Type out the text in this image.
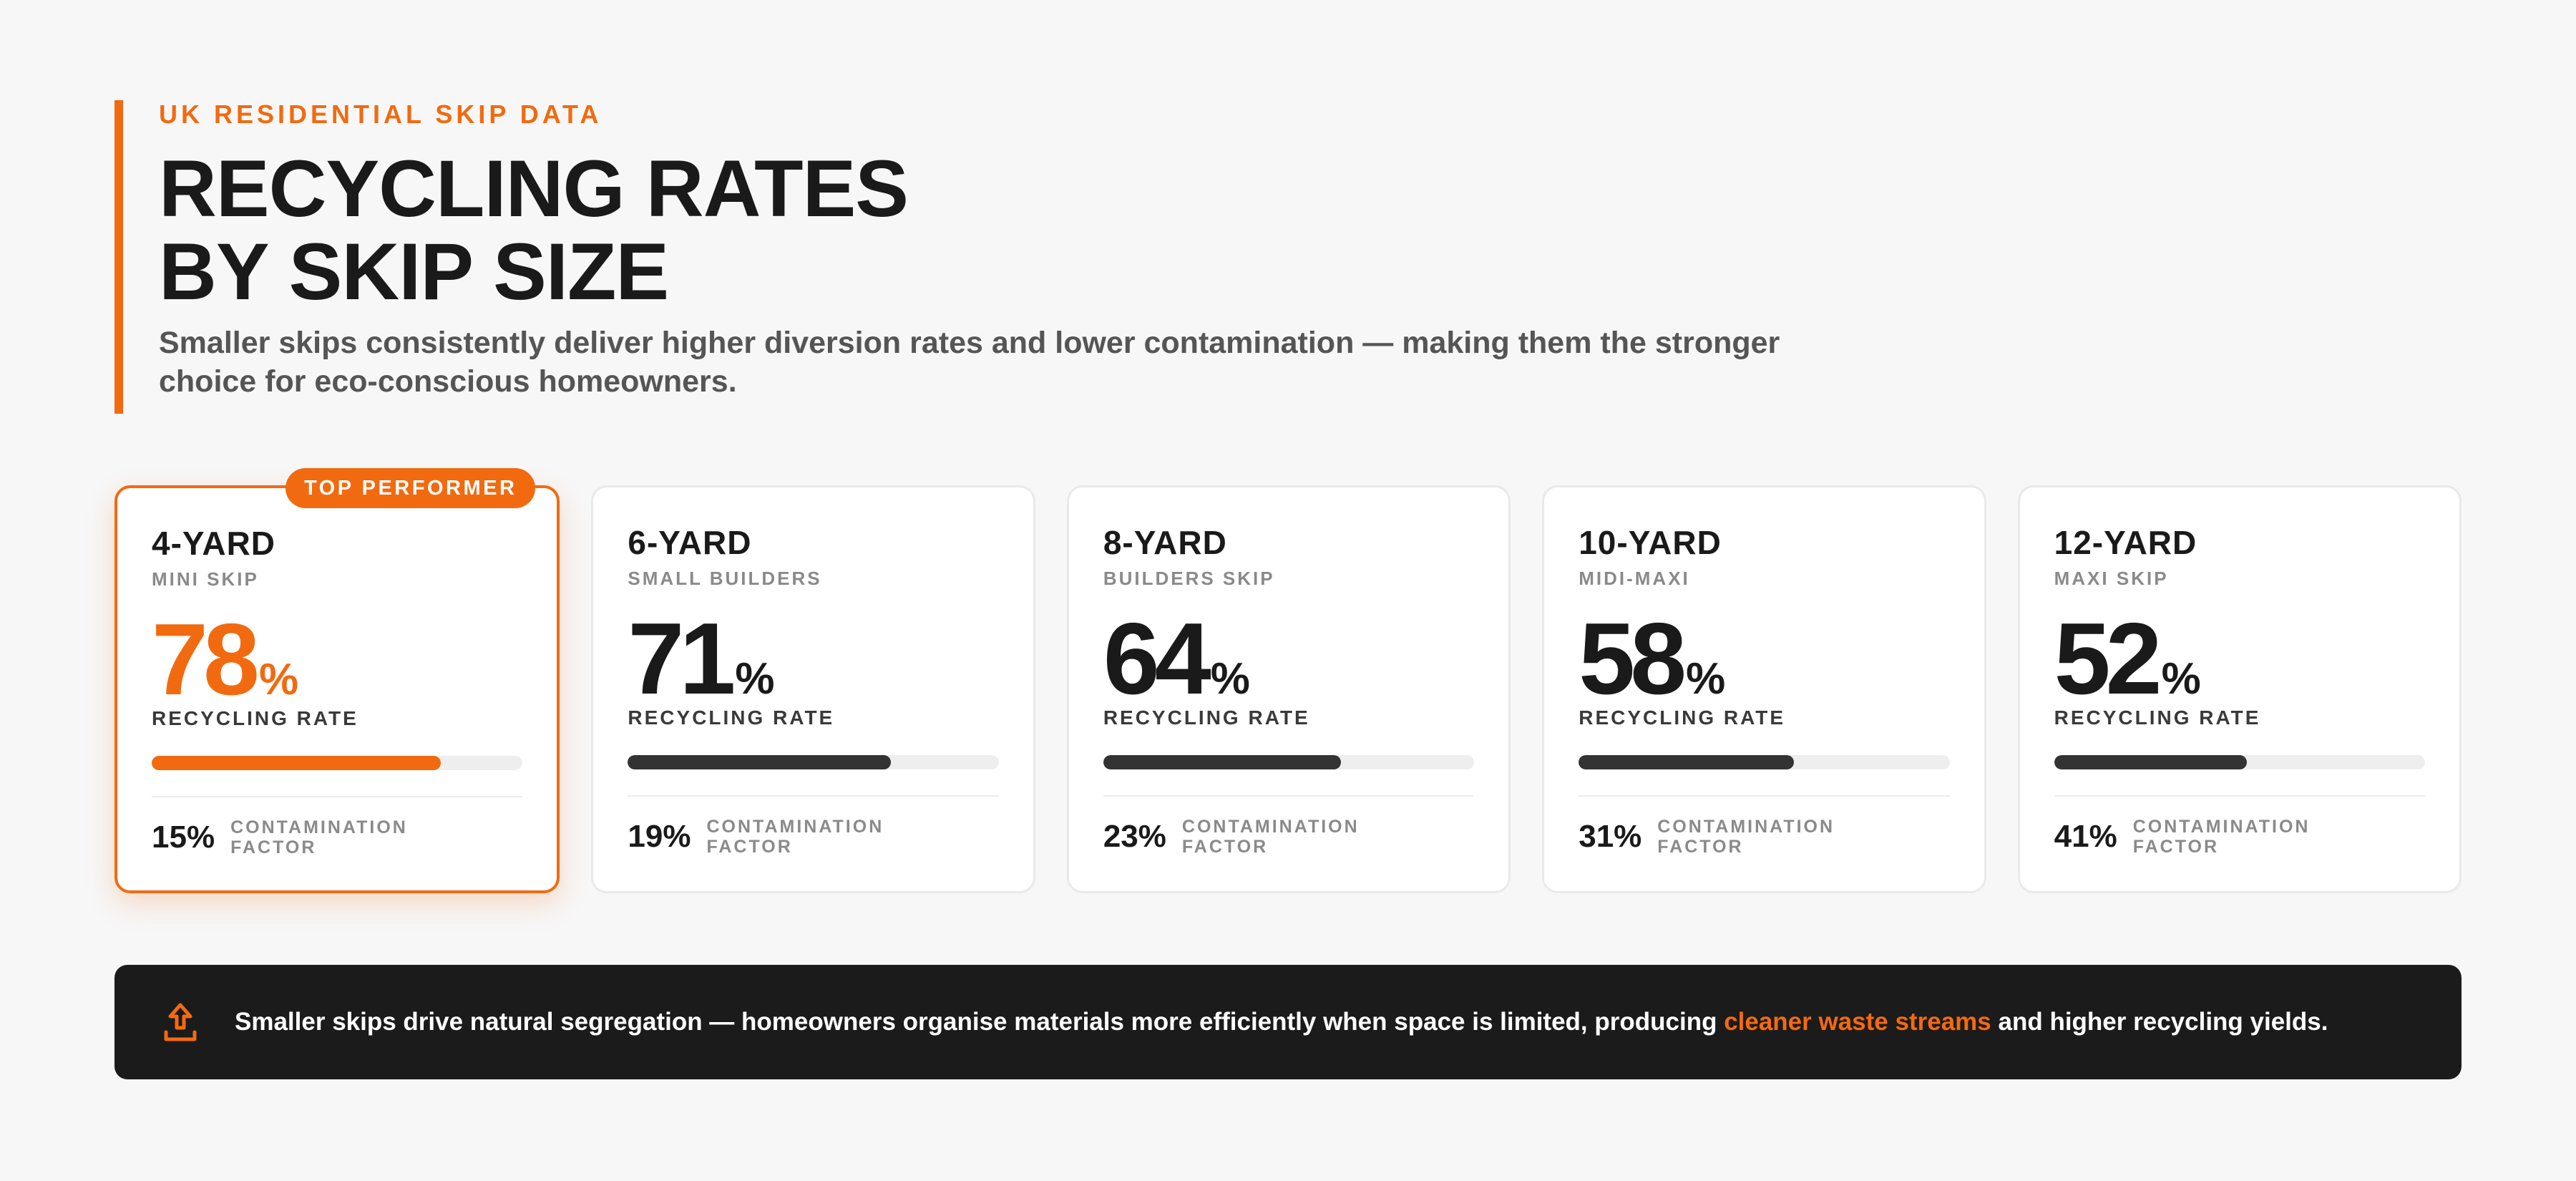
UK RESIDENTIAL SKIP DATA
RECYCLING RATES
BY SKIP SIZE
Smaller skips consistently deliver higher diversion rates and lower contamination — making them the stronger choice for eco-conscious homeowners.
TOP PERFORMER
4-YARD
MINI SKIP
78 %
RECYCLING RATE
15% CONTAMINATION FACTOR
6-YARD
SMALL BUILDERS
71 %
RECYCLING RATE
19% CONTAMINATION FACTOR
8-YARD
BUILDERS SKIP
64 %
RECYCLING RATE
23% CONTAMINATION FACTOR
10-YARD
MIDI-MAXI
58 %
RECYCLING RATE
31% CONTAMINATION FACTOR
12-YARD
MAXI SKIP
52 %
RECYCLING RATE
41% CONTAMINATION FACTOR
Smaller skips drive natural segregation — homeowners organise materials more efficiently when space is limited, producing cleaner waste streams and higher recycling yields.
